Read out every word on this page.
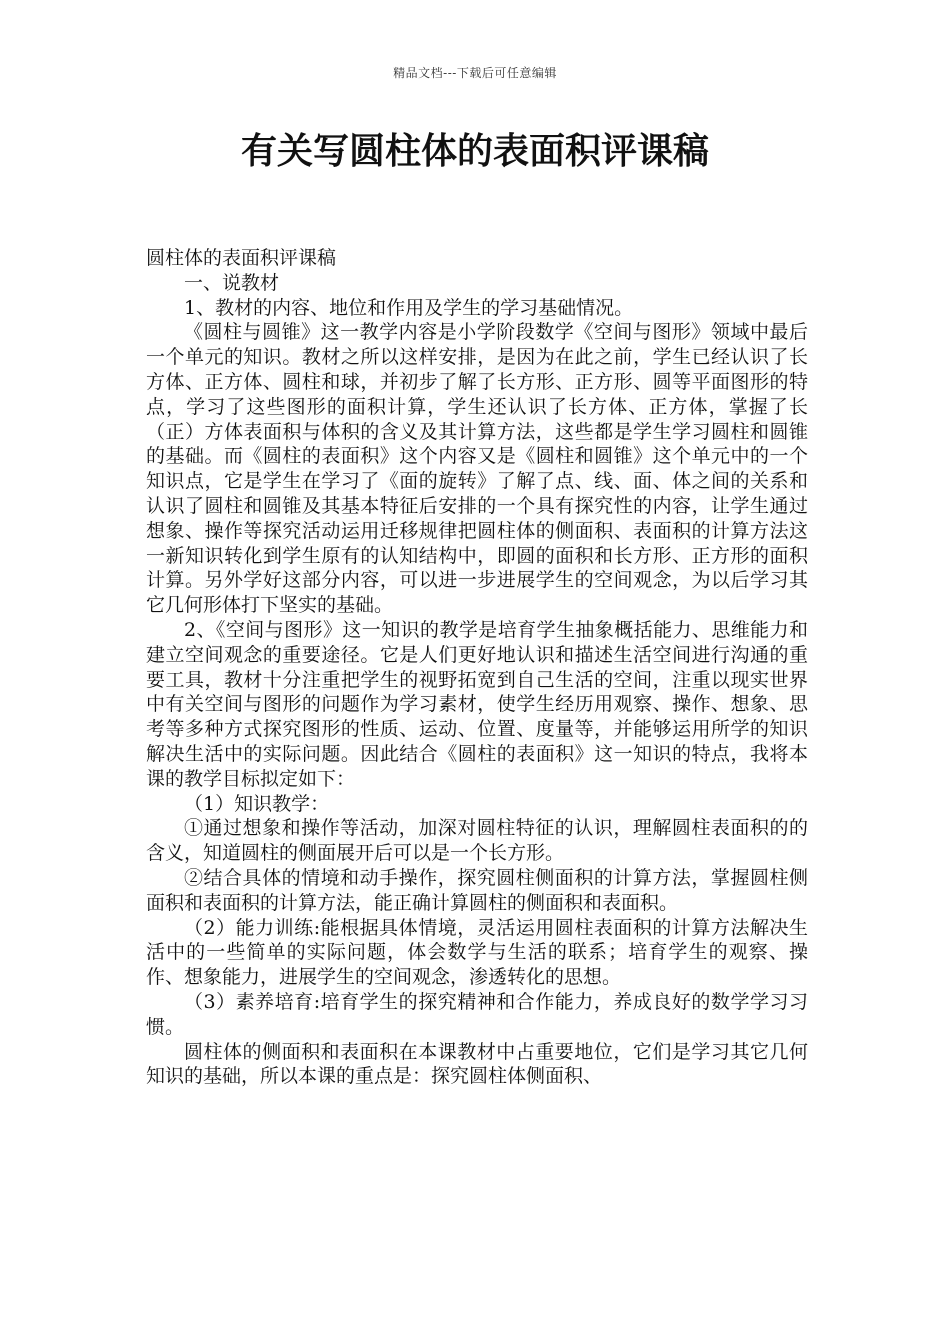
精品文档---下载后可任意编辑
有关写圆柱体的表面积评课稿

圆柱体的表面积评课稿

一、说教材

1、教材的内容、地位和作用及学生的学习基础情况。

《圆柱与圆锥》这一教学内容是小学阶段数学《空间与图形》领域中最后一个单元的知识。教材之所以这样安排，是因为在此之前，学生已经认识了长方体、正方体、圆柱和球，并初步了解了长方形、正方形、圆等平面图形的特点，学习了这些图形的面积计算，学生还认识了长方体、正方体，掌握了长（正）方体表面积与体积的含义及其计算方法，这些都是学生学习圆柱和圆锥的基础。而《圆柱的表面积》这个内容又是《圆柱和圆锥》这个单元中的一个知识点，它是学生在学习了《面的旋转》了解了点、线、面、体之间的关系和认识了圆柱和圆锥及其基本特征后安排的一个具有探究性的内容，让学生通过想象、操作等探究活动运用迁移规律把圆柱体的侧面积、表面积的计算方法这一新知识转化到学生原有的认知结构中，即圆的面积和长方形、正方形的面积计算。另外学好这部分内容，可以进一步进展学生的空间观念，为以后学习其它几何形体打下坚实的基础。

2、《空间与图形》这一知识的教学是培育学生抽象概括能力、思维能力和建立空间观念的重要途径。它是人们更好地认识和描述生活空间进行沟通的重要工具，教材十分注重把学生的视野拓宽到自己生活的空间，注重以现实世界中有关空间与图形的问题作为学习素材，使学生经历用观察、操作、想象、思考等多种方式探究图形的性质、运动、位置、度量等，并能够运用所学的知识解决生活中的实际问题。因此结合《圆柱的表面积》这一知识的特点，我将本课的教学目标拟定如下：

（1）知识教学：

①通过想象和操作等活动，加深对圆柱特征的认识，理解圆柱表面积的的含义，知道圆柱的侧面展开后可以是一个长方形。

②结合具体的情境和动手操作，探究圆柱侧面积的计算方法，掌握圆柱侧面积和表面积的计算方法，能正确计算圆柱的侧面积和表面积。

（2）能力训练:能根据具体情境，灵活运用圆柱表面积的计算方法解决生活中的一些简单的实际问题，体会数学与生活的联系；培育学生的观察、操作、想象能力，进展学生的空间观念，渗透转化的思想。

（3）素养培育:培育学生的探究精神和合作能力，养成良好的数学学习习惯。

圆柱体的侧面积和表面积在本课教材中占重要地位，它们是学习其它几何知识的基础，所以本课的重点是：探究圆柱体侧面积、
